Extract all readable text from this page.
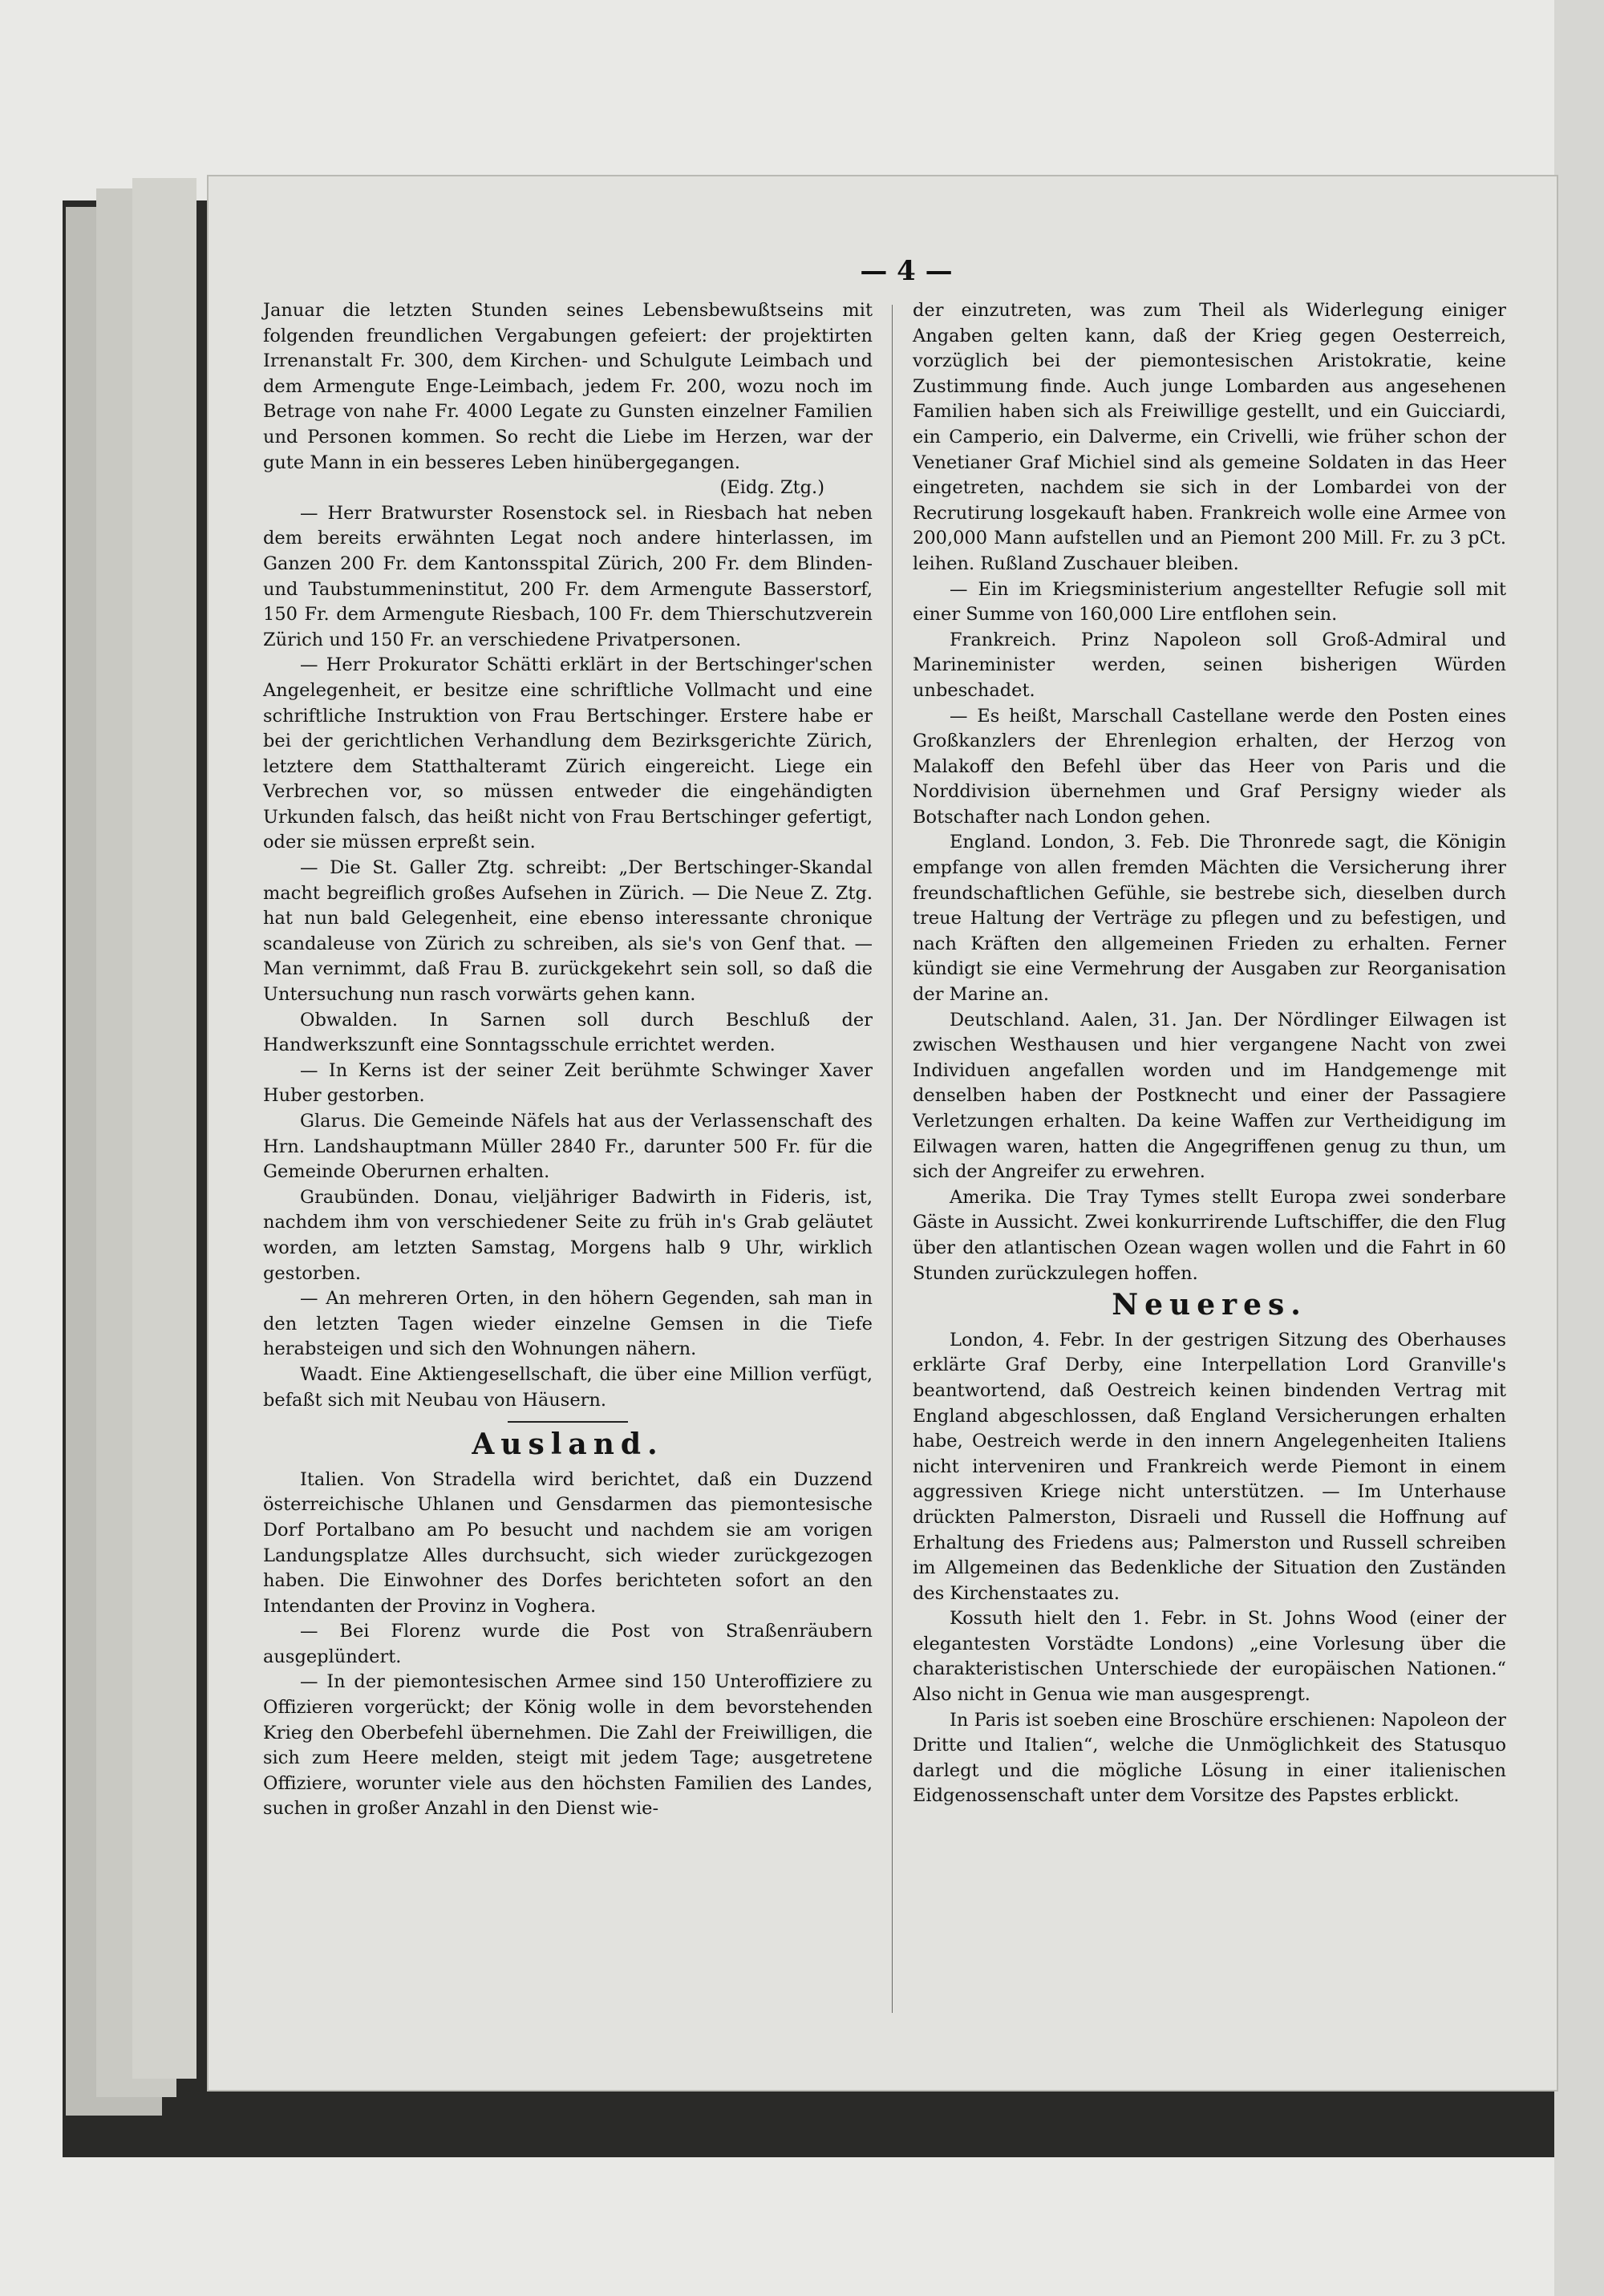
— 4 —

Januar die letzten Stunden seines Lebensbewußtseins mit folgenden freundlichen Vergabungen gefeiert: der projektirten Irrenanstalt Fr. 300, dem Kirchen- und Schulgute Leimbach und dem Armengute Enge-Leimbach, jedem Fr. 200, wozu noch im Betrage von nahe Fr. 4000 Legate zu Gunsten einzelner Familien und Personen kommen. So recht die Liebe im Herzen, war der gute Mann in ein besseres Leben hinübergegangen.

(Eidg. Ztg.)

— Herr Bratwurster Rosenstock sel. in Riesbach hat neben dem bereits erwähnten Legat noch andere hinterlassen, im Ganzen 200 Fr. dem Kantonsspital Zürich, 200 Fr. dem Blinden- und Taubstummeninstitut, 200 Fr. dem Armengute Basserstorf, 150 Fr. dem Armengute Riesbach, 100 Fr. dem Thierschutzverein Zürich und 150 Fr. an verschiedene Privatpersonen.

— Herr Prokurator Schätti erklärt in der Bertschinger'schen Angelegenheit, er besitze eine schriftliche Vollmacht und eine schriftliche Instruktion von Frau Bertschinger. Erstere habe er bei der gerichtlichen Verhandlung dem Bezirksgerichte Zürich, letztere dem Statthalteramt Zürich eingereicht. Liege ein Verbrechen vor, so müssen entweder die eingehändigten Urkunden falsch, das heißt nicht von Frau Bertschinger gefertigt, oder sie müssen erpreßt sein.

— Die St. Galler Ztg. schreibt: „Der Bertschinger-Skandal macht begreiflich großes Aufsehen in Zürich. — Die Neue Z. Ztg. hat nun bald Gelegenheit, eine ebenso interessante chronique scandaleuse von Zürich zu schreiben, als sie's von Genf that. — Man vernimmt, daß Frau B. zurückgekehrt sein soll, so daß die Untersuchung nun rasch vorwärts gehen kann.

Obwalden. In Sarnen soll durch Beschluß der Handwerkszunft eine Sonntagsschule errichtet werden.

— In Kerns ist der seiner Zeit berühmte Schwinger Xaver Huber gestorben.

Glarus. Die Gemeinde Näfels hat aus der Verlassenschaft des Hrn. Landshauptmann Müller 2840 Fr., darunter 500 Fr. für die Gemeinde Oberurnen erhalten.

Graubünden. Donau, vieljähriger Badwirth in Fideris, ist, nachdem ihm von verschiedener Seite zu früh in's Grab geläutet worden, am letzten Samstag, Morgens halb 9 Uhr, wirklich gestorben.

— An mehreren Orten, in den höhern Gegenden, sah man in den letzten Tagen wieder einzelne Gemsen in die Tiefe herabsteigen und sich den Wohnungen nähern.

Waadt. Eine Aktiengesellschaft, die über eine Million verfügt, befaßt sich mit Neubau von Häusern.

Ausland.

Italien. Von Stradella wird berichtet, daß ein Duzzend österreichische Uhlanen und Gensdarmen das piemontesische Dorf Portalbano am Po besucht und nachdem sie am vorigen Landungsplatze Alles durchsucht, sich wieder zurückgezogen haben. Die Einwohner des Dorfes berichteten sofort an den Intendanten der Provinz in Voghera.

— Bei Florenz wurde die Post von Straßenräubern ausgeplündert.

— In der piemontesischen Armee sind 150 Unteroffiziere zu Offizieren vorgerückt; der König wolle in dem bevorstehenden Krieg den Oberbefehl übernehmen. Die Zahl der Freiwilligen, die sich zum Heere melden, steigt mit jedem Tage; ausgetretene Offiziere, worunter viele aus den höchsten Familien des Landes, suchen in großer Anzahl in den Dienst wie-

der einzutreten, was zum Theil als Widerlegung einiger Angaben gelten kann, daß der Krieg gegen Oesterreich, vorzüglich bei der piemontesischen Aristokratie, keine Zustimmung finde. Auch junge Lombarden aus angesehenen Familien haben sich als Freiwillige gestellt, und ein Guicciardi, ein Camperio, ein Dalverme, ein Crivelli, wie früher schon der Venetianer Graf Michiel sind als gemeine Soldaten in das Heer eingetreten, nachdem sie sich in der Lombardei von der Recrutirung losgekauft haben. Frankreich wolle eine Armee von 200,000 Mann aufstellen und an Piemont 200 Mill. Fr. zu 3 pCt. leihen. Rußland Zuschauer bleiben.

— Ein im Kriegsministerium angestellter Refugie soll mit einer Summe von 160,000 Lire entflohen sein.

Frankreich. Prinz Napoleon soll Groß-Admiral und Marineminister werden, seinen bisherigen Würden unbeschadet.

— Es heißt, Marschall Castellane werde den Posten eines Großkanzlers der Ehrenlegion erhalten, der Herzog von Malakoff den Befehl über das Heer von Paris und die Norddivision übernehmen und Graf Persigny wieder als Botschafter nach London gehen.

England. London, 3. Feb. Die Thronrede sagt, die Königin empfange von allen fremden Mächten die Versicherung ihrer freundschaftlichen Gefühle, sie bestrebe sich, dieselben durch treue Haltung der Verträge zu pflegen und zu befestigen, und nach Kräften den allgemeinen Frieden zu erhalten. Ferner kündigt sie eine Vermehrung der Ausgaben zur Reorganisation der Marine an.

Deutschland. Aalen, 31. Jan. Der Nördlinger Eilwagen ist zwischen Westhausen und hier vergangene Nacht von zwei Individuen angefallen worden und im Handgemenge mit denselben haben der Postknecht und einer der Passagiere Verletzungen erhalten. Da keine Waffen zur Vertheidigung im Eilwagen waren, hatten die Angegriffenen genug zu thun, um sich der Angreifer zu erwehren.

Amerika. Die Tray Tymes stellt Europa zwei sonderbare Gäste in Aussicht. Zwei konkurrirende Luftschiffer, die den Flug über den atlantischen Ozean wagen wollen und die Fahrt in 60 Stunden zurückzulegen hoffen.

Neueres.

London, 4. Febr. In der gestrigen Sitzung des Oberhauses erklärte Graf Derby, eine Interpellation Lord Granville's beantwortend, daß Oestreich keinen bindenden Vertrag mit England abgeschlossen, daß England Versicherungen erhalten habe, Oestreich werde in den innern Angelegenheiten Italiens nicht interveniren und Frankreich werde Piemont in einem aggressiven Kriege nicht unterstützen. — Im Unterhause drückten Palmerston, Disraeli und Russell die Hoffnung auf Erhaltung des Friedens aus; Palmerston und Russell schreiben im Allgemeinen das Bedenkliche der Situation den Zuständen des Kirchenstaates zu.

Kossuth hielt den 1. Febr. in St. Johns Wood (einer der elegantesten Vorstädte Londons) „eine Vorlesung über die charakteristischen Unterschiede der europäischen Nationen.“ Also nicht in Genua wie man ausgesprengt.

In Paris ist soeben eine Broschüre erschienen: Napoleon der Dritte und Italien“, welche die Unmöglichkeit des Statusquo darlegt und die mögliche Lösung in einer italienischen Eidgenossenschaft unter dem Vorsitze des Papstes erblickt.
